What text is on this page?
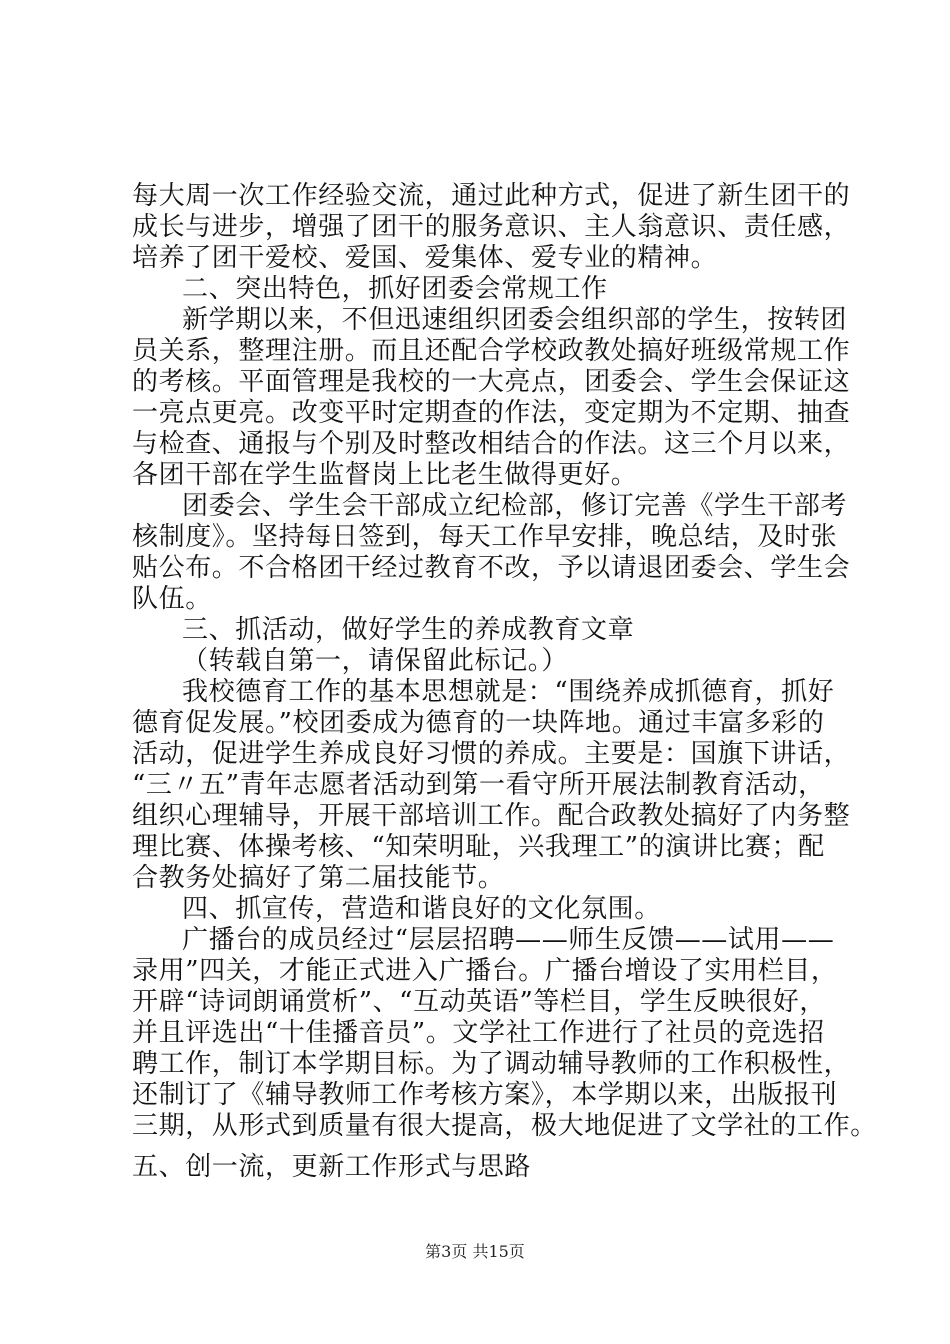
每大周一次工作经验交流，通过此种方式，促进了新生团干的
成长与进步，增强了团干的服务意识、主人翁意识、责任感，
培养了团干爱校、爱国、爱集体、爱专业的精神。
二、突出特色，抓好团委会常规工作
新学期以来，不但迅速组织团委会组织部的学生，按转团
员关系，整理注册。而且还配合学校政教处搞好班级常规工作
的考核。平面管理是我校的一大亮点，团委会、学生会保证这
一亮点更亮。改变平时定期查的作法，变定期为不定期、抽查
与检查、通报与个别及时整改相结合的作法。这三个月以来，
各团干部在学生监督岗上比老生做得更好。
团委会、学生会干部成立纪检部，修订完善《学生干部考
核制度》。坚持每日签到，每天工作早安排，晚总结，及时张
贴公布。不合格团干经过教育不改，予以请退团委会、学生会
队伍。
三、抓活动，做好学生的养成教育文章
（转载自第一，请保留此标记。）
我校德育工作的基本思想就是：“围绕养成抓德育，抓好
德育促发展。”校团委成为德育的一块阵地。通过丰富多彩的
活动，促进学生养成良好习惯的养成。主要是：国旗下讲话，
“三〃五”青年志愿者活动到第一看守所开展法制教育活动，
组织心理辅导，开展干部培训工作。配合政教处搞好了内务整
理比赛、体操考核、“知荣明耻，兴我理工”的演讲比赛；配
合教务处搞好了第二届技能节。
四、抓宣传，营造和谐良好的文化氛围。
广播台的成员经过“层层招聘——师生反馈——试用——
录用”四关，才能正式进入广播台。广播台增设了实用栏目，
开辟“诗词朗诵赏析”、“互动英语”等栏目，学生反映很好，
并且评选出“十佳播音员”。文学社工作进行了社员的竞选招
聘工作，制订本学期目标。为了调动辅导教师的工作积极性，
还制订了《辅导教师工作考核方案》，本学期以来，出版报刊
三期，从形式到质量有很大提高，极大地促进了文学社的工作。
五、创一流，更新工作形式与思路
第3页 共15页
